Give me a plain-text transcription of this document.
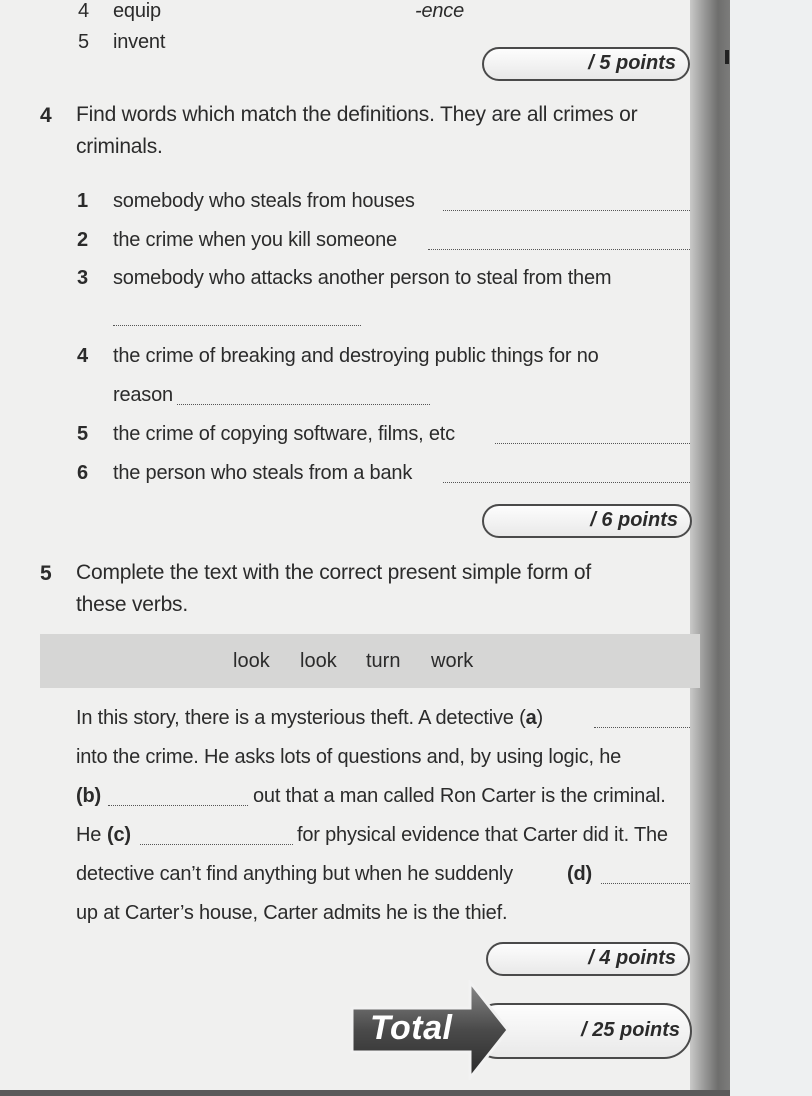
4 equip	-ence
5 invent
/ 5 points
4 Find words which match the definitions. They are all crimes or
criminals.
1 somebody who steals from houses
2 the crime when you kill someone
3 somebody who attacks another person to steal from them
4 the crime of breaking and destroying public things for no
reason
5 the crime of copying software, films, etc
6 the person who steals from a bank
/ 6 points
5 Complete the text with the correct present simple form of
these verbs.
look look turn work
In this story, there is a mysterious theft. A detective (a)
into the crime. He asks lots of questions and, by using logic, he
(b)	out that a man called Ron Carter is the criminal.
He (c)	for physical evidence that Carter did it. The
detective can’t find anything but when he suddenly	(d)
up at Carter’s house, Carter admits he is the thief.
/ 4 points
/ 25 points
Total
